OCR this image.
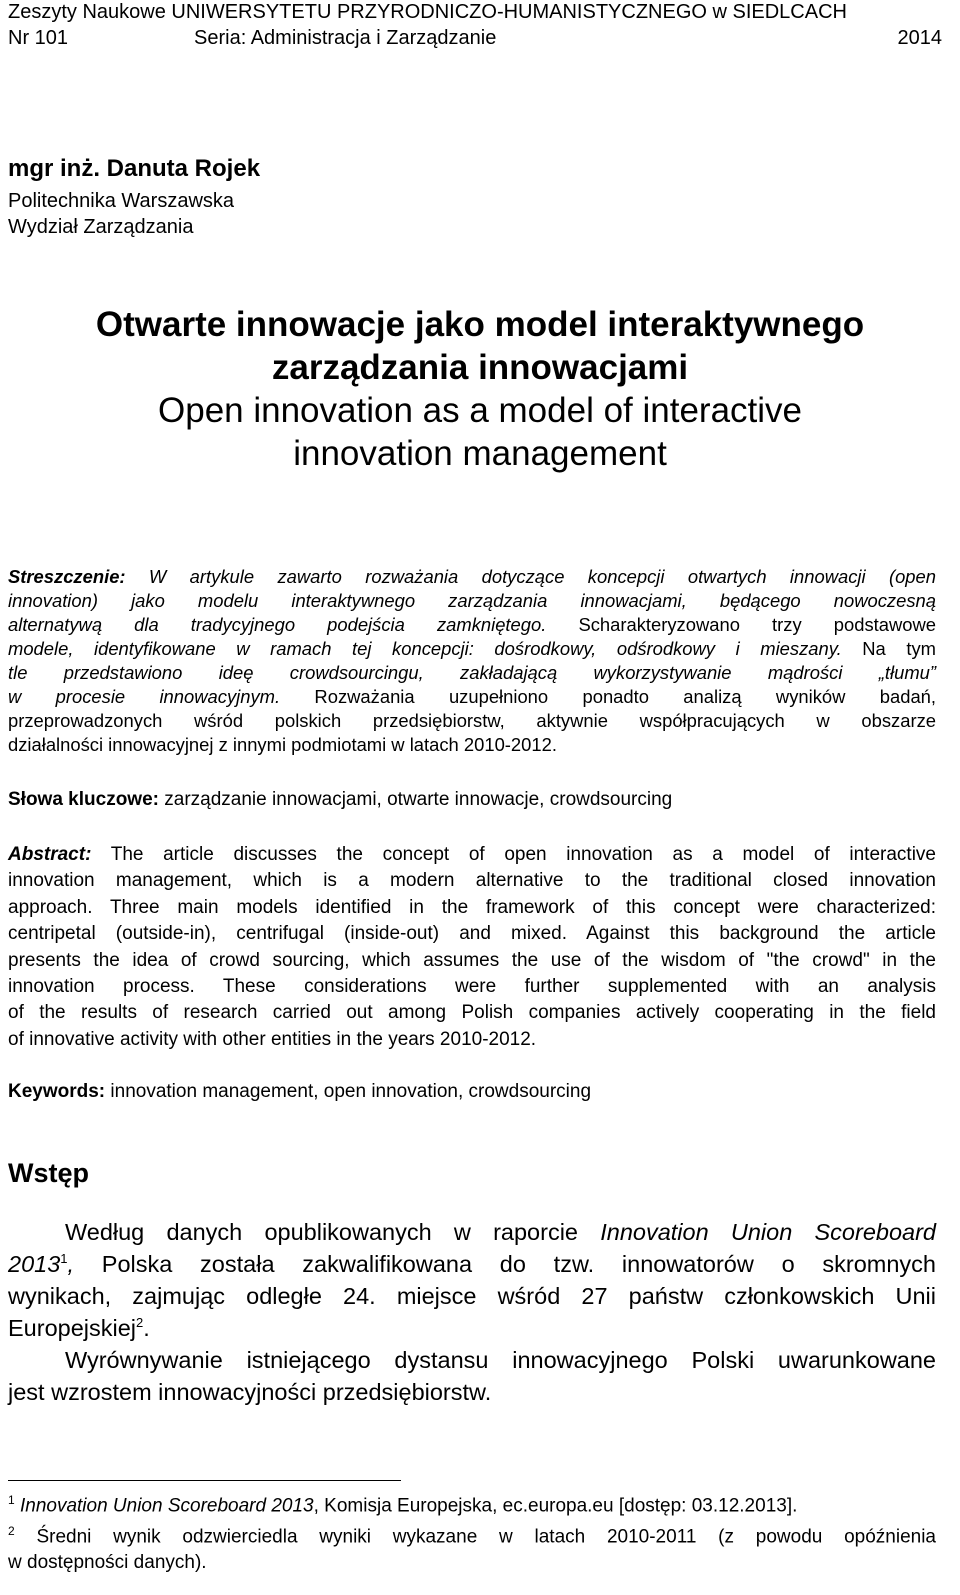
Zeszyty Naukowe UNIWERSYTETU PRZYRODNICZO-HUMANISTYCZNEGO w SIEDLCACH
Nr 101	Seria: Administracja i Zarządzanie	2014
mgr inż. Danuta Rojek
Politechnika Warszawska
Wydział Zarządzania
Otwarte innowacje jako model interaktywnego
zarządzania innowacjami
Open innovation as a model of interactive
innovation management
Streszczenie: W artykule zawarto rozważania dotyczące koncepcji otwartych innowacji (open
innovation) jako modelu interaktywnego zarządzania innowacjami, będącego nowoczesną
alternatywą dla tradycyjnego podejścia zamkniętego. Scharakteryzowano trzy podstawowe
modele, identyfikowane w ramach tej koncepcji: dośrodkowy, odśrodkowy i mieszany. Na tym
tle przedstawiono ideę crowdsourcingu, zakładającą wykorzystywanie mądrości „tłumu”
w procesie innowacyjnym. Rozważania uzupełniono ponadto analizą wyników badań,
przeprowadzonych wśród polskich przedsiębiorstw, aktywnie współpracujących w obszarze
działalności innowacyjnej z innymi podmiotami w latach 2010-2012.
Słowa kluczowe: zarządzanie innowacjami, otwarte innowacje, crowdsourcing
Abstract: The article discusses the concept of open innovation as a model of interactive
innovation management, which is a modern alternative to the traditional closed innovation
approach. Three main models identified in the framework of this concept were characterized:
centripetal (outside-in), centrifugal (inside-out) and mixed. Against this background the article
presents the idea of crowd sourcing, which assumes the use of the wisdom of "the crowd" in the
innovation process. These considerations were further supplemented with an analysis
of the results of research carried out among Polish companies actively cooperating in the field
of innovative activity with other entities in the years 2010-2012.
Keywords: innovation management, open innovation, crowdsourcing
Wstęp
Według danych opublikowanych w raporcie Innovation Union Scoreboard
2013$^1$, Polska została zakwalifikowana do tzw. innowatorów o skromnych
wynikach, zajmując odległe 24. miejsce wśród 27 państw członkowskich Unii
Europejskiej$^2$.
Wyrównywanie istniejącego dystansu innowacyjnego Polski uwarunkowane
jest wzrostem innowacyjności przedsiębiorstw.
$^1$ Innovation Union Scoreboard 2013, Komisja Europejska, ec.europa.eu [dostęp: 03.12.2013].
$^2$ Średni wynik odzwierciedla wyniki wykazane w latach 2010-2011 (z powodu opóźnienia
w dostępności danych).
